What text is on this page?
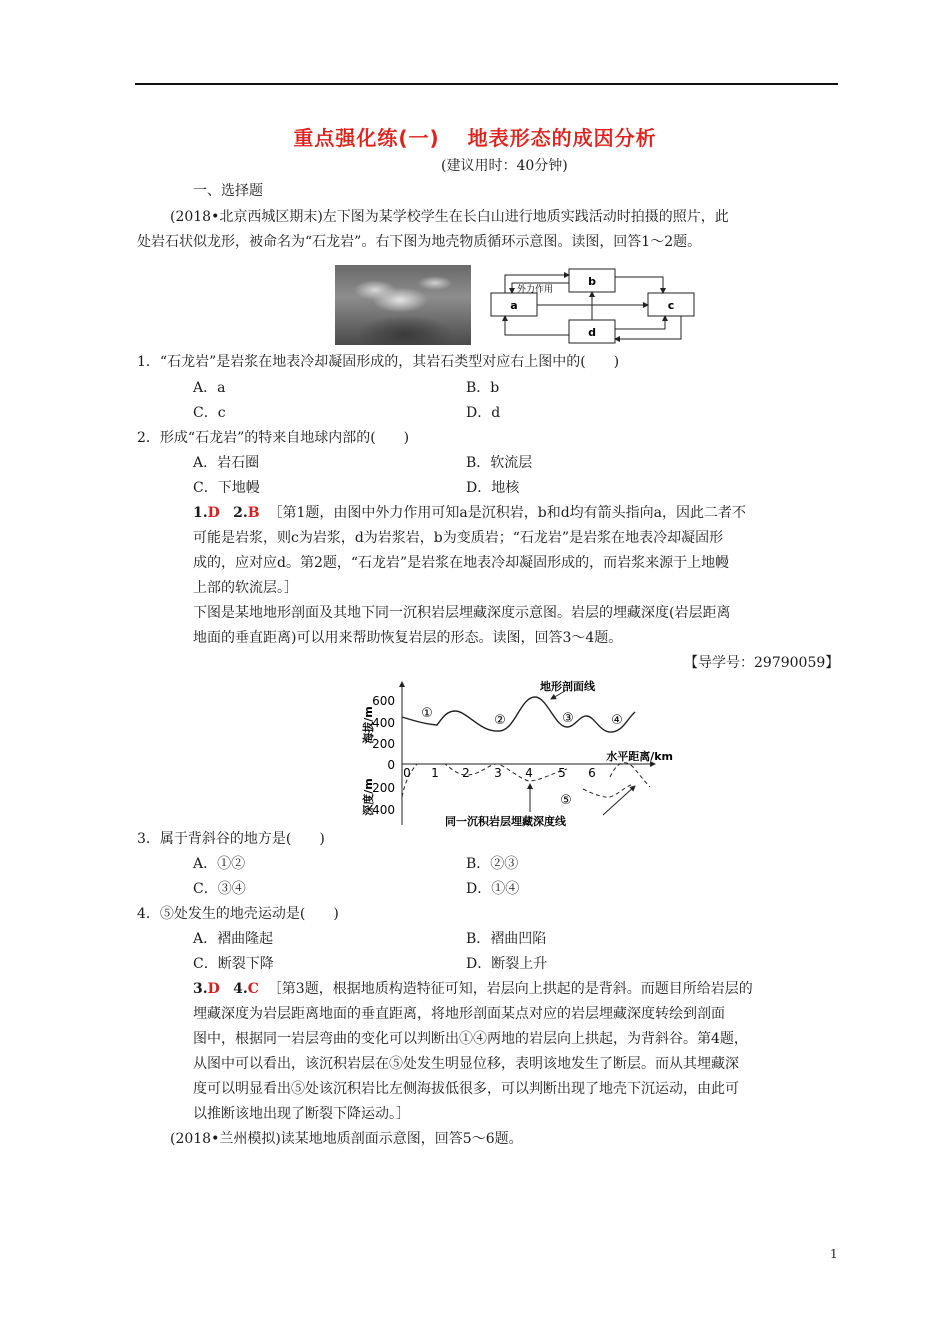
重点强化练(一) 地表形态的成因分析
(建议用时：40分钟)
一、选择题
(2018•北京西城区期末)左下图为某学校学生在长白山进行地质实践活动时拍摄的照片，此
处岩石状似龙形，被命名为“石龙岩”。右下图为地壳物质循环示意图。读图，回答1～2题。
a
b
c
d
外力作用
1．“石龙岩”是岩浆在地表冷却凝固形成的，其岩石类型对应右上图中的(　　)
A．a	B．b
C．c	D．d
2．形成“石龙岩”的特来自地球内部的(　　)
A．岩石圈	B．软流层
C．下地幔	D．地核
1.D 2.B ［第1题，由图中外力作用可知a是沉积岩，b和d均有箭头指向a，因此二者不
可能是岩浆，则c为岩浆，d为岩浆岩，b为变质岩；“石龙岩”是岩浆在地表冷却凝固形
成的，应对应d。第2题，“石龙岩”是岩浆在地表冷却凝固形成的，而岩浆来源于上地幔
上部的软流层。］
下图是某地地形剖面及其地下同一沉积岩层埋藏深度示意图。岩层的埋藏深度(岩层距离
地面的垂直距离)可以用来帮助恢复岩层的形态。读图，回答3～4题。
【导学号：29790059】
600
400
200
0
200
400
海拔/m
深度/m
0 1 2 3 4 5 6
水平距离/km
地形剖面线
同一沉积岩层埋藏深度线
①	②	③	④
⑤
3．属于背斜谷的地方是(　　)
A．①②	B．②③
C．③④	D．①④
4．⑤处发生的地壳运动是(　　)
A．褶曲隆起	B．褶曲凹陷
C．断裂下降	D．断裂上升
3.D 4.C ［第3题，根据地质构造特征可知，岩层向上拱起的是背斜。而题目所给岩层的
埋藏深度为岩层距离地面的垂直距离，将地形剖面某点对应的岩层埋藏深度转绘到剖面
图中，根据同一岩层弯曲的变化可以判断出①④两地的岩层向上拱起，为背斜谷。第4题，
从图中可以看出，该沉积岩层在⑤处发生明显位移，表明该地发生了断层。而从其埋藏深
度可以明显看出⑤处该沉积岩比左侧海拔低很多，可以判断出现了地壳下沉运动，由此可
以推断该地出现了断裂下降运动。］
(2018•兰州模拟)读某地地质剖面示意图，回答5～6题。
1
